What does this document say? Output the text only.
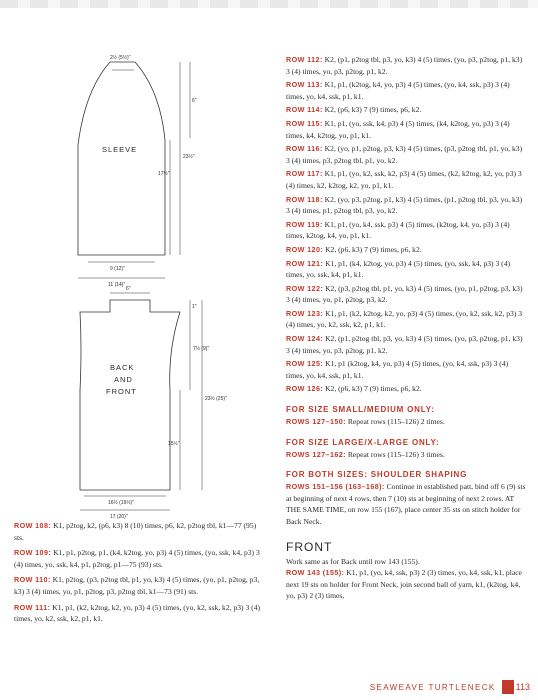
SLEEVE
2½ (5½)"
6"
23½"
17½"
9 (12)"
11 (14)"
BACK
AND
FRONT
6"
1"
7½ (9)"
23½ (25)"
15½"
16½ (19½)"
17 (20)"

ROW 108: K1, p2tog, k2, (p6, k3) 8 (10) times, p6, k2, p2tog tbl, k1—77 (95) sts.

ROW 109: K1, p1, p2tog, p1, (k4, k2tog, yo, p3) 4 (5) times, (yo, ssk, k4, p3) 3 (4) times, yo, ssk, k4, p1, p2tog, p1—75 (93) sts.

ROW 110: K1, p2tog, (p3, p2tog tbl, p1, yo, k3) 4 (5) times, (yo, p1, p2tog, p3, k3) 3 (4) times, yo, p1, p2tog, p3, p2tog tbl, k1—73 (91) sts.

ROW 111: K1, p1, (k2, k2tog, k2, yo, p3) 4 (5) times, (yo, k2, ssk, k2, p3) 3 (4) times, yo, k2, ssk, k2, p1, k1.

ROW 112: K2, (p1, p2tog tbl, p3, yo, k3) 4 (5) times, (yo, p3, p2tog, p1, k3) 3 (4) times, yo, p3, p2tog, p1, k2.

ROW 113: K1, p1, (k2tog, k4, yo, p3) 4 (5) times, (yo, k4, ssk, p3) 3 (4) times, yo, k4, ssk, p1, k1.

ROW 114: K2, (p6, k3) 7 (9) times, p6, k2.

ROW 115: K1, p1, (yo, ssk, k4, p3) 4 (5) times, (k4, k2tog, yo, p3) 3 (4) times, k4, k2tog, yo, p1, k1.

ROW 116: K2, (yo, p1, p2tog, p3, k3) 4 (5) times, (p3, p2tog tbl, p1, yo, k3) 3 (4) times, p3, p2tog tbl, p1, yo, k2.

ROW 117: K1, p1, (yo, k2, ssk, k2, p3) 4 (5) times, (k2, k2tog, k2, yo, p3) 3 (4) times, k2, k2tog, k2, yo, p1, k1.

ROW 118: K2, (yo, p3, p2tog, p1, k3) 4 (5) times, (p1, p2tog tbl, p3, yo, k3) 3 (4) times, p1, p2tog tbl, p3, yo, k2.

ROW 119: K1, p1, (yo, k4, ssk, p3) 4 (5) times, (k2tog, k4, yo, p3) 3 (4) times, k2tog, k4, yo, p1, k1.

ROW 120: K2, (p6, k3) 7 (9) times, p6, k2.

ROW 121: K1, p1, (k4, k2tog, yo, p3) 4 (5) times, (yo, ssk, k4, p3) 3 (4) times, yo, ssk, k4, p1, k1.

ROW 122: K2, (p3, p2tog tbl, p1, yo, k3) 4 (5) times, (yo, p1, p2tog, p3, k3) 3 (4) times, yo, p1, p2tog, p3, k2.

ROW 123: K1, p1, (k2, k2tog, k2, yo, p3) 4 (5) times, (yo, k2, ssk, k2, p3) 3 (4) times, yo, k2, ssk, k2, p1, k1.

ROW 124: K2, (p1, p2tog tbl, p3, yo, k3) 4 (5) times, (yo, p3, p2tog, p1, k3) 3 (4) times, yo, p3, p2tog, p1, k2.

ROW 125: K1, p1 (k2tog, k4, yo, p3) 4 (5) times, (yo, k4, ssk, p3) 3 (4) times, yo, k4, ssk, p1, k1.

ROW 126: K2, (p6, k3) 7 (9) times, p6, k2.

FOR SIZE SMALL/MEDIUM ONLY:

ROWS 127–150: Repeat rows (115–126) 2 times.

FOR SIZE LARGE/X-LARGE ONLY:

ROWS 127–162: Repeat rows (115–126) 3 times.

FOR BOTH SIZES: SHOULDER SHAPING

ROWS 151–156 (163–168): Continue in established patt, bind off 6 (9) sts at beginning of next 4 rows, then 7 (10) sts at beginning of next 2 rows. AT THE SAME TIME, on row 155 (167), place center 35 sts on stitch holder for Back Neck.

FRONT
Work same as for Back until row 143 (155).

ROW 143 (155): K1, p1, (yo, k4, ssk, p3) 2 (3) times, yo, k4, ssk, k1, place next 19 sts on holder for Front Neck, join second ball of yarn, k1, (k2tog, k4, yo, p3) 2 (3) times,

SEAWEAVE TURTLENECK 113
